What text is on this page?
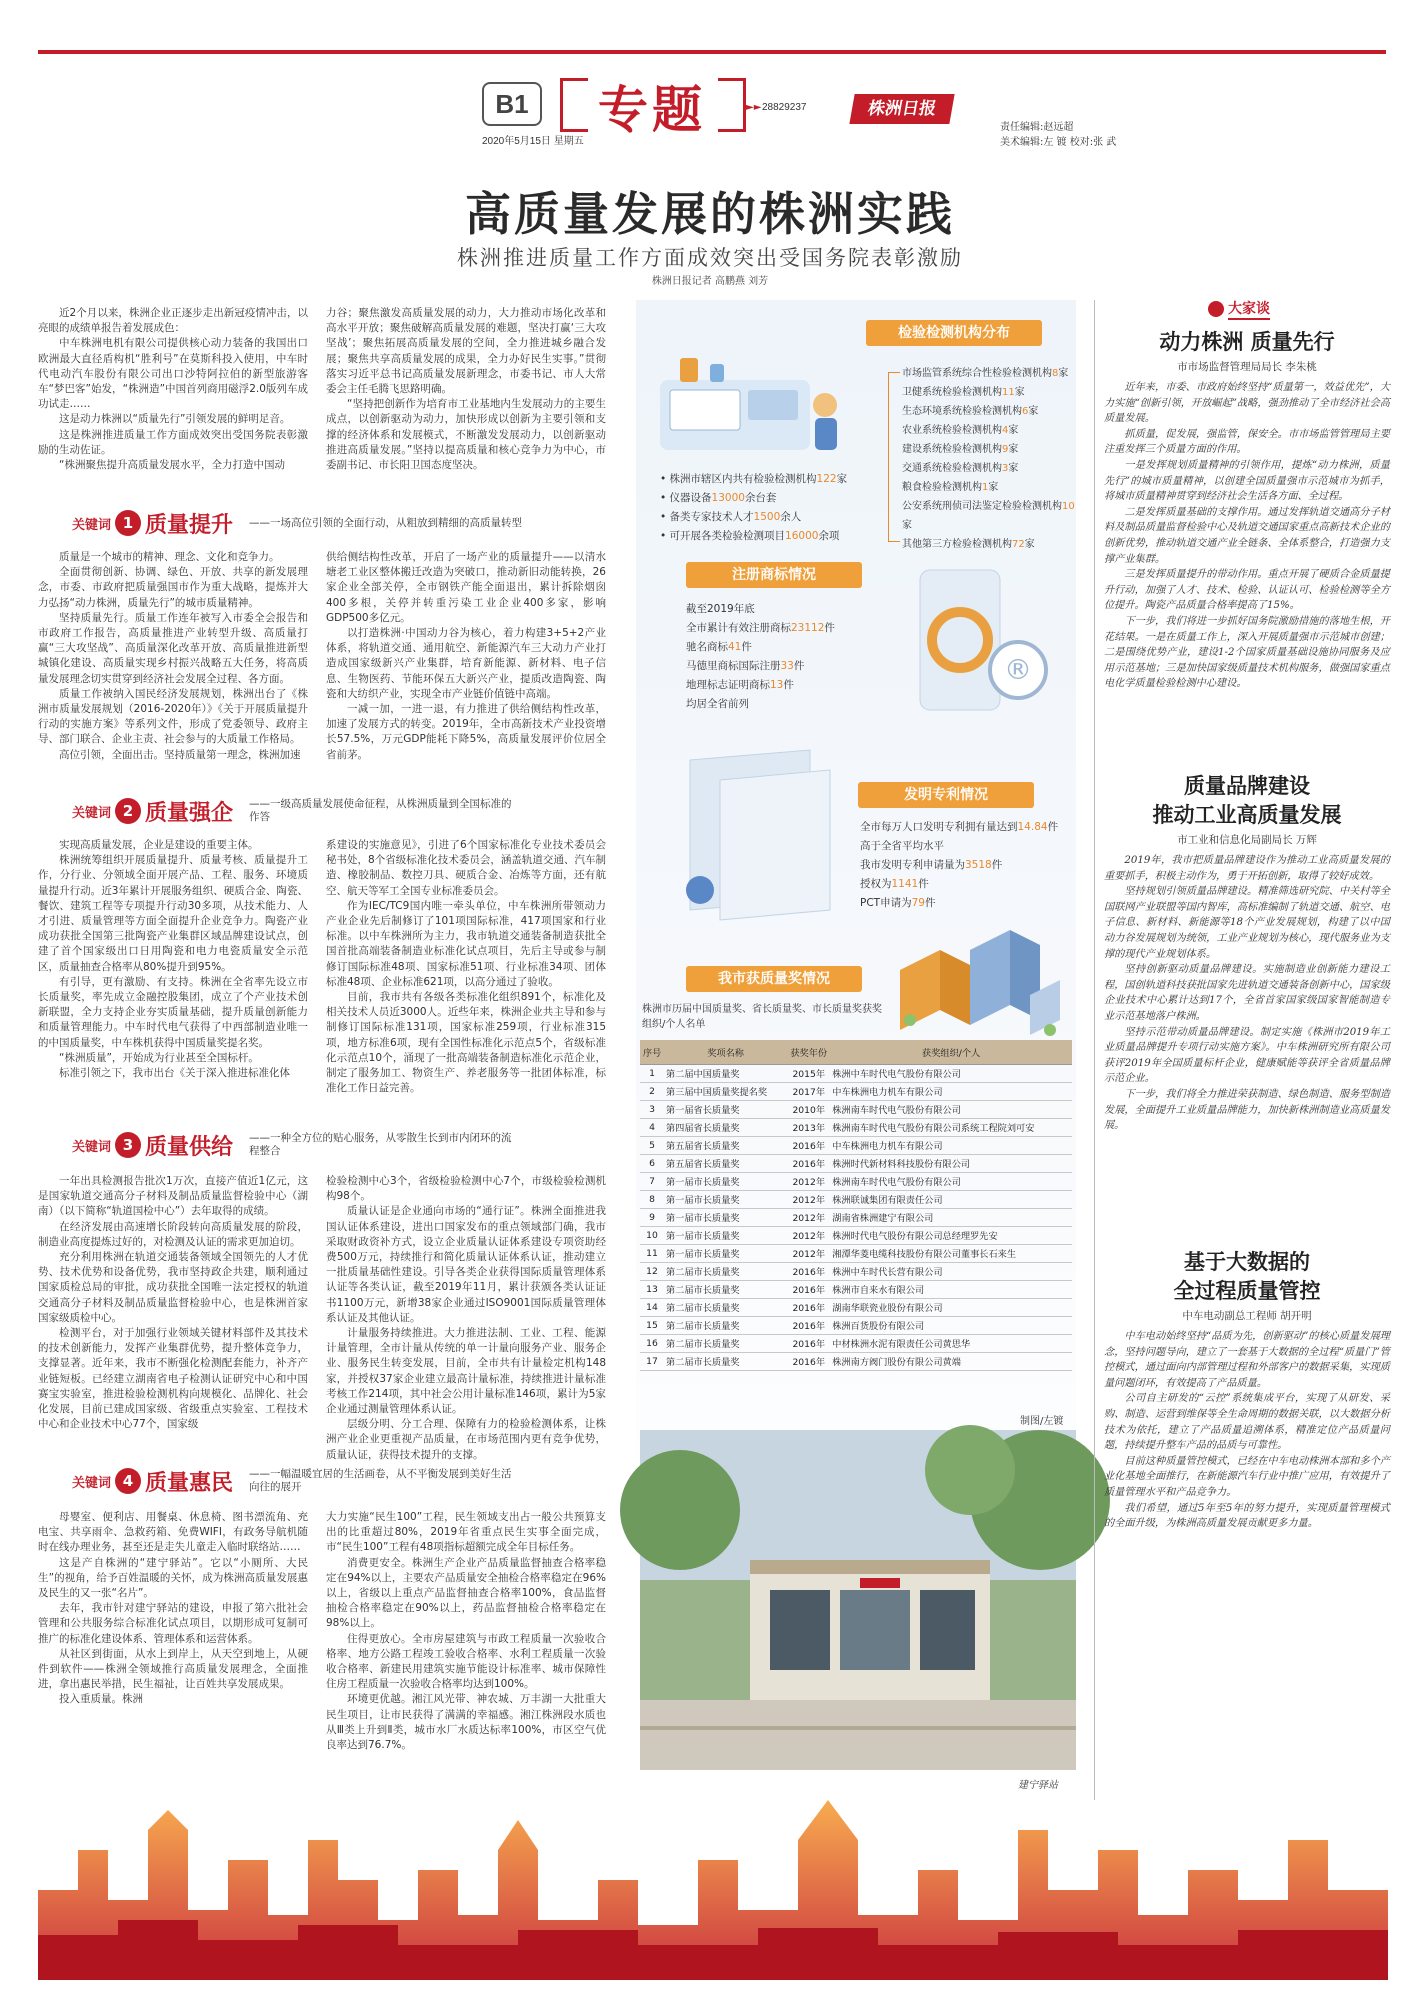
B1 专题	►► 28829237	株洲日报
2020年5月15日 星期五
责任编辑:赵远超
美术编辑:左 镀 校对:张 武
高质量发展的株洲实践
株洲推进质量工作方面成效突出受国务院表彰激励
株洲日报记者 高鹏燕 刘芳

近2个月以来，株洲企业正逐步走出新冠疫情冲击，以亮眼的成绩单报告着发展成色：

中车株洲电机有限公司提供核心动力装备的我国出口欧洲最大直径盾构机“胜利号”在莫斯科投入使用，中车时代电动汽车股份有限公司出口沙特阿拉伯的新型旅游客车“梦巴客”始发，“株洲造”中国首列商用磁浮2.0版列车成功试走……

这是动力株洲以“质量先行”引领发展的鲜明足音。

这是株洲推进质量工作方面成效突出受国务院表彰激励的生动佐证。

“株洲聚焦提升高质量发展水平，全力打造中国动

力谷；聚焦激发高质量发展的动力，大力推动市场化改革和高水平开放；聚焦破解高质量发展的难题，坚决打赢‘三大攻坚战’；聚焦拓展高质量发展的空间，全力推进城乡融合发展；聚焦共享高质量发展的成果，全力办好民生实事。”贯彻落实习近平总书记高质量发展新理念，市委书记、市人大常委会主任毛腾飞思路明确。

“坚持把创新作为培育市工业基地内生发展动力的主要生成点，以创新驱动为动力，加快形成以创新为主要引领和支撑的经济体系和发展模式，不断激发发展动力，以创新驱动推进高质量发展。”坚持以提高质量和核心竞争力为中心，市委副书记、市长阳卫国态度坚决。

关键词 1 质量提升 ——一场高位引领的全面行动，从粗放到精细的高质量转型

质量是一个城市的精神、理念、文化和竞争力。

全面贯彻创新、协调、绿色、开放、共享的新发展理念，市委、市政府把质量强国市作为重大战略，提炼并大力弘扬“动力株洲，质量先行”的城市质量精神。

坚持质量先行。质量工作连年被写入市委全会报告和市政府工作报告，高质量推进产业转型升级、高质量打赢“三大攻坚战”、高质量深化改革开放、高质量推进新型城镇化建设、高质量实现乡村振兴战略五大任务，将高质量发展理念切实贯穿到经济社会发展全过程、各方面。

质量工作被纳入国民经济发展规划，株洲出台了《株洲市质量发展规划（2016-2020年）》《关于开展质量提升行动的实施方案》等系列文件，形成了党委领导、政府主导、部门联合、企业主责、社会参与的大质量工作格局。

高位引领，全面出击。坚持质量第一理念，株洲加速

供给侧结构性改革，开启了一场产业的质量提升——以清水塘老工业区整体搬迁改造为突破口，推动新旧动能转换，26家企业全部关停，全市钢铁产能全面退出，累计拆除烟囱400多根，关停并转重污染工业企业400多家，影响GDP500多亿元。

以打造株洲·中国动力谷为核心，着力构建3+5+2产业体系，将轨道交通、通用航空、新能源汽车三大动力产业打造成国家级新兴产业集群，培育新能源、新材料、电子信息、生物医药、节能环保五大新兴产业，提质改造陶瓷、陶瓷和大纺织产业，实现全市产业链价值链中高端。

一减一加，一进一退，有力推进了供给侧结构性改革，加速了发展方式的转变。2019年，全市高新技术产业投资增长57.5%，万元GDP能耗下降5%，高质量发展评价位居全省前茅。

关键词 2 质量强企 ——一级高质量发展使命征程，从株洲质量到全国标准的作答

实现高质量发展，企业是建设的重要主体。

株洲统筹组织开展质量提升、质量考核、质量提升工作，分行业、分领域全面开展产品、工程、服务、环境质量提升行动。近3年累计开展服务组织、硬质合金、陶瓷、餐饮、建筑工程等专项提升行动30多项，从技术能力、人才引进、质量管理等方面全面提升企业竞争力。陶瓷产业成功获批全国第三批陶瓷产业集群区域品牌建设试点，创建了首个国家级出口日用陶瓷和电力电瓷质量安全示范区，质量抽查合格率从80%提升到95%。

有引导，更有激励、有支持。株洲在全省率先设立市长质量奖，率先成立金融控股集团，成立了个产业技术创新联盟，全力支持企业夯实质量基础，提升质量创新能力和质量管理能力。中车时代电气获得了中西部制造业唯一的中国质量奖，中车株机获得中国质量奖提名奖。

“株洲质量”，开始成为行业甚至全国标杆。

标准引领之下，我市出台《关于深入推进标准化体

系建设的实施意见》，引进了6个国家标准化专业技术委员会秘书处，8个省级标准化技术委员会，涵盖轨道交通、汽车制造、橡胶制品、数控刀具、硬质合金、冶炼等方面，还有航空、航天等军工全国专业标准委员会。

作为IEC/TC9国内唯一牵头单位，中车株洲所带领动力产业企业先后制修订了101项国际标准，417项国家和行业标准。以中车株洲所为主力，我市轨道交通装备制造获批全国首批高端装备制造业标准化试点项目，先后主导或参与制修订国际标准48项、国家标准51项、行业标准34项、团体标准48项、企业标准621项，以高分通过了验收。

目前，我市共有各级各类标准化组织891个，标准化及相关技术人员近3000人。近些年来，株洲企业共主导和参与制修订国际标准131项，国家标准259项，行业标准315项，地方标准6项，现有全国性标准化示范点5个，省级标准化示范点10个，涌现了一批高端装备制造标准化示范企业，制定了服务加工、物资生产、养老服务等一批团体标准，标准化工作日益完善。

关键词 3 质量供给 ——一种全方位的贴心服务，从零散生长到市内闭环的流程整合

一年出具检测报告批次1万次，直接产值近1亿元，这是国家轨道交通高分子材料及制品质量监督检验中心（湖南）（以下简称“轨道国检中心”）去年取得的成绩。

在经济发展由高速增长阶段转向高质量发展的阶段，制造业高度提炼过好的，对检测及认证的需求更加迫切。

充分利用株洲在轨道交通装备领域全国领先的人才优势、技术优势和设备优势，我市坚持政企共建，顺利通过国家质检总局的审批，成功获批全国唯一法定授权的轨道交通高分子材料及制品质量监督检验中心，也是株洲首家国家级质检中心。

检测平台，对于加强行业领域关键材料部件及其技术的技术创新能力，发挥产业集群优势，提升整体竞争力，支撑显著。近年来，我市不断强化检测配套能力，补齐产业链短板。已经建立湖南省电子检测认证研究中心和中国赛宝实验室，推进检验检测机构向规模化、品牌化、社会化发展，目前已建成国家级、省级重点实验室、工程技术中心和企业技术中心77个，国家级

检验检测中心3个，省级检验检测中心7个，市级检验检测机构98个。

质量认证是企业通向市场的“通行证”。株洲全面推进我国认证体系建设，进出口国家发布的重点领域部门确，我市采取财政资补方式，设立企业质量认证体系建设专项资助经费500万元，持续推行和简化质量认证体系认证，推动建立一批质量基础性建设。引导各类企业获得国际质量管理体系认证等各类认证，截至2019年11月，累计获颁各类认证证书1100万元，新增38家企业通过ISO9001国际质量管理体系认证及其他认证。

计量服务持续推进。大力推进法制、工业、工程、能源计量管理，全市计量从传统的单一计量向服务产业、服务企业、服务民生转变发展，目前，全市共有计量检定机构148家，并授权37家企业建立最高计量标准，持续推进计量标准考核工作214项，其中社会公用计量标准146项，累计为5家企业通过测量管理体系认证。

层级分明、分工合理、保障有力的检验检测体系，让株洲产业企业更重视产品质量，在市场范围内更有竞争优势，质量认证，获得技术提升的支撑。

关键词 4 质量惠民 ——一幅温暖宜居的生活画卷，从不平衡发展到美好生活向往的展开

母婴室、便利店、用餐桌、休息椅、图书漂流角、充电宝、共享雨伞、急救药箱、免费WIFI，有政务导航机随时在线办理业务，甚至还是走失儿童走入临时联络站……

这是产自株洲的“建宁驿站”。它以“小厕所、大民生”的视角，给予百姓温暖的关怀，成为株洲高质量发展惠及民生的又一张“名片”。

去年，我市针对建宁驿站的建设，申报了第六批社会管理和公共服务综合标准化试点项目，以期形成可复制可推广的标准化建设体系、管理体系和运营体系。

从社区到街面，从水上到岸上，从天空到地上，从硬件到软件——株洲全领域推行高质量发展理念，全面推进，拿出惠民举措，民生福祉，让百姓共享发展成果。

投入重质量。株洲

大力实施“民生100”工程，民生领域支出占一般公共预算支出的比重超过80%，2019年省重点民生实事全面完成，市“民生100”工程有48项指标超额完成全年目标任务。

消费更安全。株洲生产企业产品质量监督抽查合格率稳定在94%以上，主要农产品质量安全抽检合格率稳定在96%以上，省级以上重点产品监督抽查合格率100%，食品监督抽检合格率稳定在90%以上，药品监督抽检合格率稳定在98%以上。

住得更放心。全市房屋建筑与市政工程质量一次验收合格率、地方公路工程竣工验收合格率、水利工程质量一次验收合格率、新建民用建筑实施节能设计标准率、城市保障性住房工程质量一次验收合格率均达到100%。

环境更优越。湘江风光带、神农城、万丰湖一大批重大民生项目，让市民获得了满满的幸福感。湘江株洲段水质也从Ⅲ类上升到Ⅱ类，城市水厂水质达标率100%，市区空气优良率达到76.7%。

检验检测机构分布
• 株洲市辖区内共有检验检测机构122家
• 仪器设备13000余台套
• 备类专家技术人才1500余人
• 可开展各类检验检测项目16000余项
市场监管系统综合性检验检测机构8家
卫健系统检验检测机构11家
生态环境系统检验检测机构6家
农业系统检验检测机构4家
建设系统检验检测机构9家
交通系统检验检测机构3家
粮食检验检测机构1家
公安系统刑侦司法鉴定检验检测机构10家
其他第三方检验检测机构72家
注册商标情况
截至2019年底
全市累计有效注册商标23112件
驰名商标41件
马德里商标国际注册33件
地理标志证明商标13件
均居全省前列
®
发明专利情况
全市每万人口发明专利拥有量达到14.84件
高于全省平均水平
我市发明专利申请量为3518件
授权为1141件
PCT申请为79件
我市获质量奖情况
株洲市历届中国质量奖、省长质量奖、市长质量奖获奖组织/个人名单
序号	奖项名称	获奖年份	获奖组织/个人
1	第二届中国质量奖	2015年	株洲中车时代电气股份有限公司
2	第三届中国质量奖提名奖	2017年	中车株洲电力机车有限公司
3	第一届省长质量奖	2010年	株洲南车时代电气股份有限公司
4	第四届省长质量奖	2013年	株洲南车时代电气股份有限公司系统工程院刘可安
5	第五届省长质量奖	2016年	中车株洲电力机车有限公司
6	第五届省长质量奖	2016年	株洲时代新材料科技股份有限公司
7	第一届市长质量奖	2012年	株洲南车时代电气股份有限公司
8	第一届市长质量奖	2012年	株洲联诚集团有限责任公司
9	第一届市长质量奖	2012年	湖南省株洲建宁有限公司
10	第一届市长质量奖	2012年	株洲时代电气股份有限公司总经理罗先安
11	第一届市长质量奖	2012年	湘潭华菱电缆科技股份有限公司董事长石来生
12	第二届市长质量奖	2016年	株洲中车时代长营有限公司
13	第二届市长质量奖	2016年	株洲市自来水有限公司
14	第二届市长质量奖	2016年	湖南华联瓷业股份有限公司
15	第二届市长质量奖	2016年	株洲百货股份有限公司
16	第二届市长质量奖	2016年	中材株洲水泥有限责任公司黄思华
17	第二届市长质量奖	2016年	株洲南方阀门股份有限公司黄端
制图/左镀
建宁驿站
大家谈
动力株洲 质量先行
市市场监督管理局局长 李朱桃

近年来，市委、市政府始终坚持“质量第一，效益优先”，大力实施“创新引领，开放崛起”战略，强劲推动了全市经济社会高质量发展。

抓质量，促发展，强监管，保安全。市市场监管管理局主要注重发挥三个质量方面的作用。

一是发挥规划质量精神的引领作用，提炼“动力株洲，质量先行”的城市质量精神，以创建全国质量强市示范城市为抓手，将城市质量精神贯穿到经济社会生活各方面、全过程。

二是发挥质量基础的支撑作用。通过发挥轨道交通高分子材料及制品质量监督检验中心及轨道交通国家重点高新技术企业的创新优势，推动轨道交通产业全链条、全体系整合，打造强力支撑产业集群。

三是发挥质量提升的带动作用。重点开展了硬质合金质量提升行动，加强了人才、技术、检验、认证认可、检验检测等全方位提升。陶瓷产品质量合格率提高了15%。

下一步，我们将进一步抓好国务院激励措施的落地生根，开花结果。一是在质量工作上，深入开展质量强市示范城市创建；二是围绕优势产业，建设1-2个国家质量基础设施协同服务及应用示范基地；三是加快国家级质量技术机构服务，做强国家重点电化学质量检验检测中心建设。

质量品牌建设
推动工业高质量发展
市工业和信息化局副局长 万辉

2019年，我市把质量品牌建设作为推动工业高质量发展的重要抓手，积极主动作为，勇于开拓创新，取得了较好成效。

坚持规划引领质量品牌建设。精准筛选研究院、中关村等全国联网产业联盟等国内智库，高标准编制了轨道交通、航空、电子信息、新材料、新能源等18个产业发展规划，构建了以中国动力谷发展规划为统领，工业产业规划为核心，现代服务业为支撑的现代产业规划体系。

坚持创新驱动质量品牌建设。实施制造业创新能力建设工程，国创轨道科技获批国家先进轨道交通装备创新中心，国家级企业技术中心累计达到17个，全省首家国家级国家智能制造专业示范基地落户株洲。

坚持示范带动质量品牌建设。制定实施《株洲市2019年工业质量品牌提升专项行动实施方案》。中车株洲研究所有限公司获评2019年全国质量标杆企业，健康赋能等获评全省质量品牌示范企业。

下一步，我们将全力推进荣获制造、绿色制造、服务型制造发展，全面提升工业质量品牌能力，加快新株洲制造业高质量发展。

基于大数据的
全过程质量管控
中车电动副总工程师 胡开明

中车电动始终坚持“品质为先，创新驱动”的核心质量发展理念，坚持问题导向，建立了一套基于大数据的全过程“质量门”管控模式，通过面向内部管理过程和外部客户的数据采集，实现质量问题闭环，有效提高了产品质量。

公司自主研发的“云控”系统集成平台，实现了从研发、采购、制造、运营到维保等全生命周期的数据关联，以大数据分析技术为依托，建立了产品质量追溯体系，精准定位产品质量问题，持续提升整车产品的品质与可靠性。

目前这种质量管控模式，已经在中车电动株洲本部和多个产业化基地全面推行，在新能源汽车行业中推广应用，有效提升了质量管理水平和产品竞争力。

我们希望，通过5年至5年的努力提升，实现质量管理模式的全面升级，为株洲高质量发展贡献更多力量。
